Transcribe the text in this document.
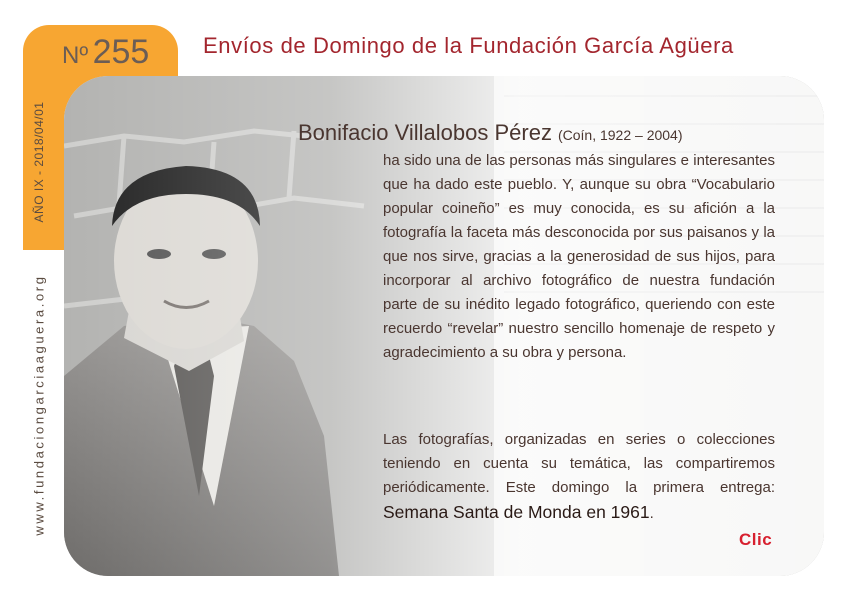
Nº 255
AÑO IX - 2018/04/01
www.fundaciongarciaaguera.org
Envíos de Domingo de la Fundación García Agüera
Bonifacio Villalobos Pérez (Coín, 1922 – 2004)
ha sido una de las personas más singulares e interesantes que ha dado este pueblo. Y, aunque su obra “Vocabulario popular coineño” es muy conocida, es su afición a la fotografía la faceta más desconocida por sus paisanos y la que nos sirve, gracias a la generosidad de sus hijos, para incorporar al archivo fotográfico de nuestra fundación parte de su inédito legado fotográfico, queriendo con este recuerdo “revelar” nuestro sencillo homenaje de respeto y agradecimiento a su obra y persona.
Las fotografías, organizadas en series o colecciones teniendo en cuenta su temática, las compartiremos periódicamente. Este domingo la primera entrega: Semana Santa de Monda en 1961.
Clic
